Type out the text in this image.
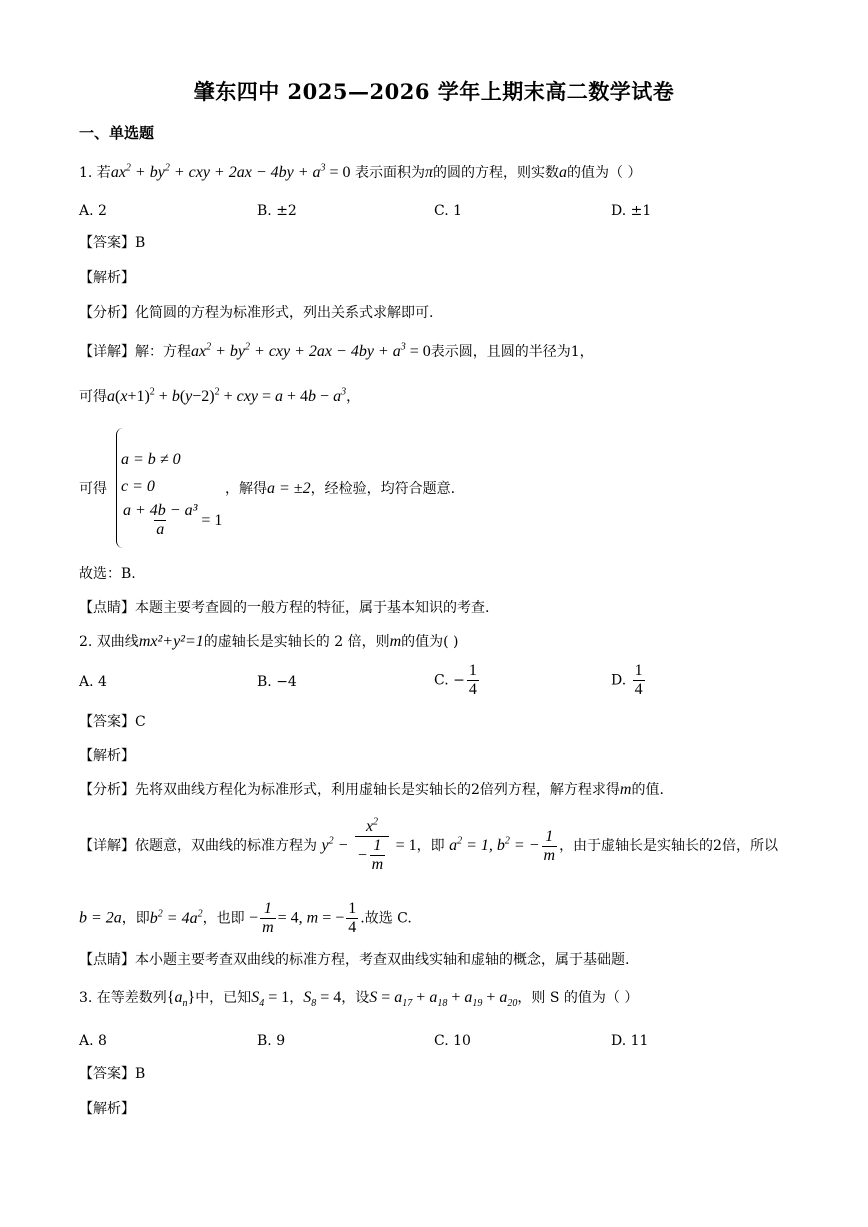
肇东四中 2025—2026 学年上期末高二数学试卷
一、单选题
1. 若$ax^2 + by^2$ + cxy + $2ax - 4by + a^3 = 0$ 表示面积为π的圆的方程，则实数a的值为（ ）
A. 2	B. ±2	C. 1	D. ±1
【答案】B
【解析】
【分析】化简圆的方程为标准形式，列出关系式求解即可.
【详解】解：方程$ax^2 + by^2$ + cxy + $2ax - 4by + a^3 = 0$表示圆，且圆的半径为1，
可得$a(x+1)^2 + b(y-2)^2$ + cxy = $a + 4b - a^3$，
可得
a = b ≠ 0
c = 0
$\frac{\text{a + 4b − a³}}{a} = 1$
，解得a = ±2，经检验，均符合题意.
故选：B.
【点睛】本题主要考查圆的一般方程的特征，属于基本知识的考查.
2. 双曲线mx²+y²=1的虚轴长是实轴长的 2 倍，则m的值为( )
A. 4	B. −4	C. − $\frac{1}{4}$	D. $\frac{1}{4}$
【答案】C
【解析】
【分析】先将双曲线方程化为标准形式，利用虚轴长是实轴长的2倍列方程，解方程求得m的值.
【详解】依题意，双曲线的标准方程为 $y^2 - \frac{x^2}{- \frac{1}{m}} = 1$，即 $a^2 = 1$, $b^2$ = − $\frac{1}{m}$ ，由于虚轴长是实轴长的2倍，所以
b = 2a，即$b^2 = 4a^2$，也即 − $\frac{1}{m} = 4$, m = − $\frac{1}{4}$ .故选 C.
【点睛】本小题主要考查双曲线的标准方程，考查双曲线实轴和虚轴的概念，属于基础题.
3. 在等差数列$\{a_n\}$中，已知$S_4 = 1$，$S_8 = 4$，设$S = a_{17} + a_{18} + a_{19} + a_{20}$，则 S 的值为（ ）
A. 8	B. 9	C. 10	D. 11
【答案】B
【解析】
